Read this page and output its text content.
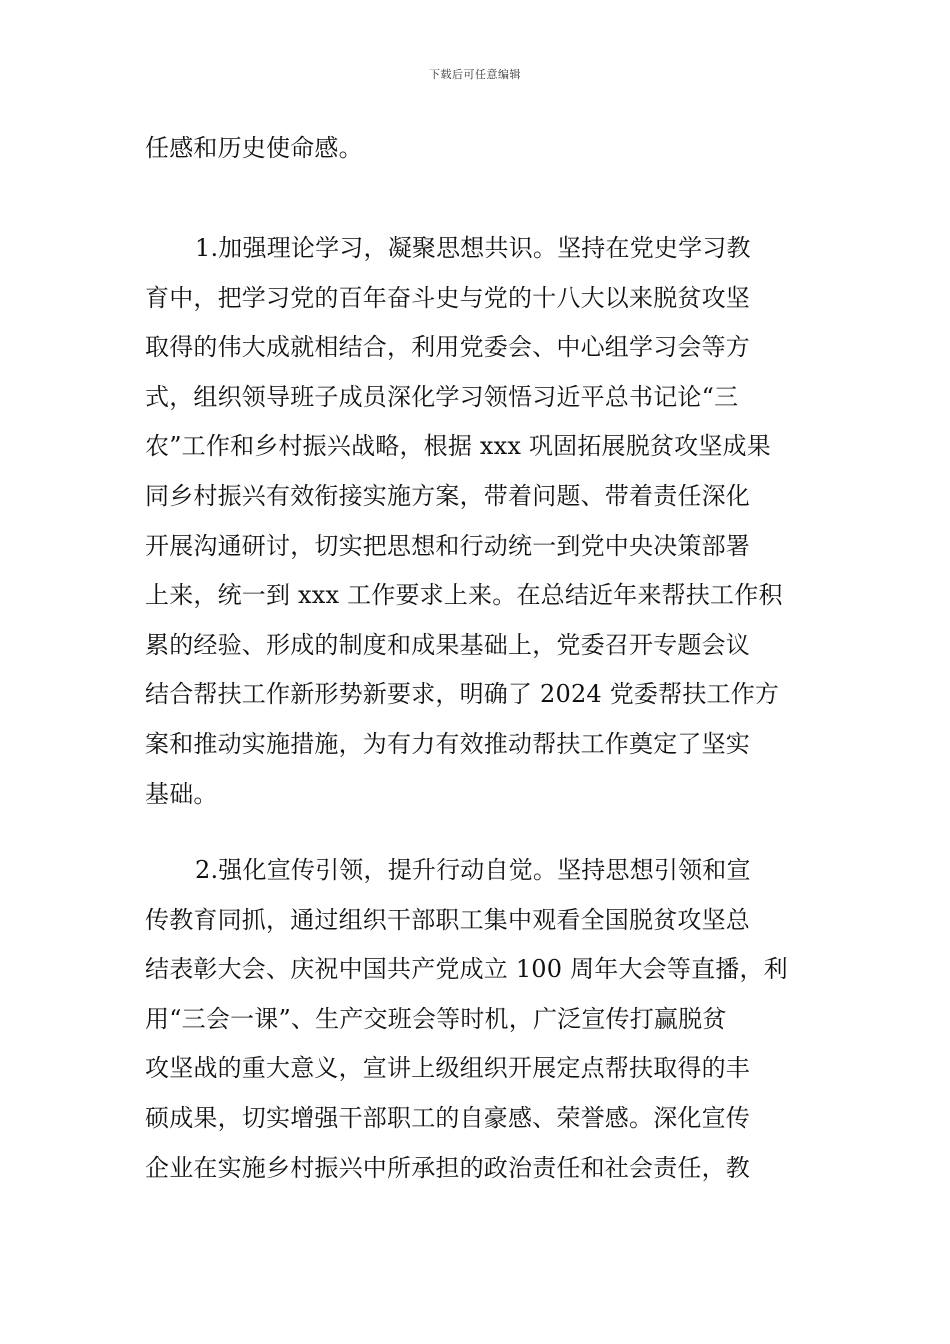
下载后可任意编辑
任感和历史使命感。
1.加强理论学习，凝聚思想共识。坚持在党史学习教
育中，把学习党的百年奋斗史与党的十八大以来脱贫攻坚
取得的伟大成就相结合，利用党委会、中心组学习会等方
式，组织领导班子成员深化学习领悟习近平总书记论“三
农”工作和乡村振兴战略，根据 xxx 巩固拓展脱贫攻坚成果
同乡村振兴有效衔接实施方案，带着问题、带着责任深化
开展沟通研讨，切实把思想和行动统一到党中央决策部署
上来，统一到 xxx 工作要求上来。在总结近年来帮扶工作积
累的经验、形成的制度和成果基础上，党委召开专题会议
结合帮扶工作新形势新要求，明确了 2024 党委帮扶工作方
案和推动实施措施，为有力有效推动帮扶工作奠定了坚实
基础。
2.强化宣传引领，提升行动自觉。坚持思想引领和宣
传教育同抓，通过组织干部职工集中观看全国脱贫攻坚总
结表彰大会、庆祝中国共产党成立 100 周年大会等直播，利
用“三会一课”、生产交班会等时机，广泛宣传打赢脱贫
攻坚战的重大意义，宣讲上级组织开展定点帮扶取得的丰
硕成果，切实增强干部职工的自豪感、荣誉感。深化宣传
企业在实施乡村振兴中所承担的政治责任和社会责任，教
